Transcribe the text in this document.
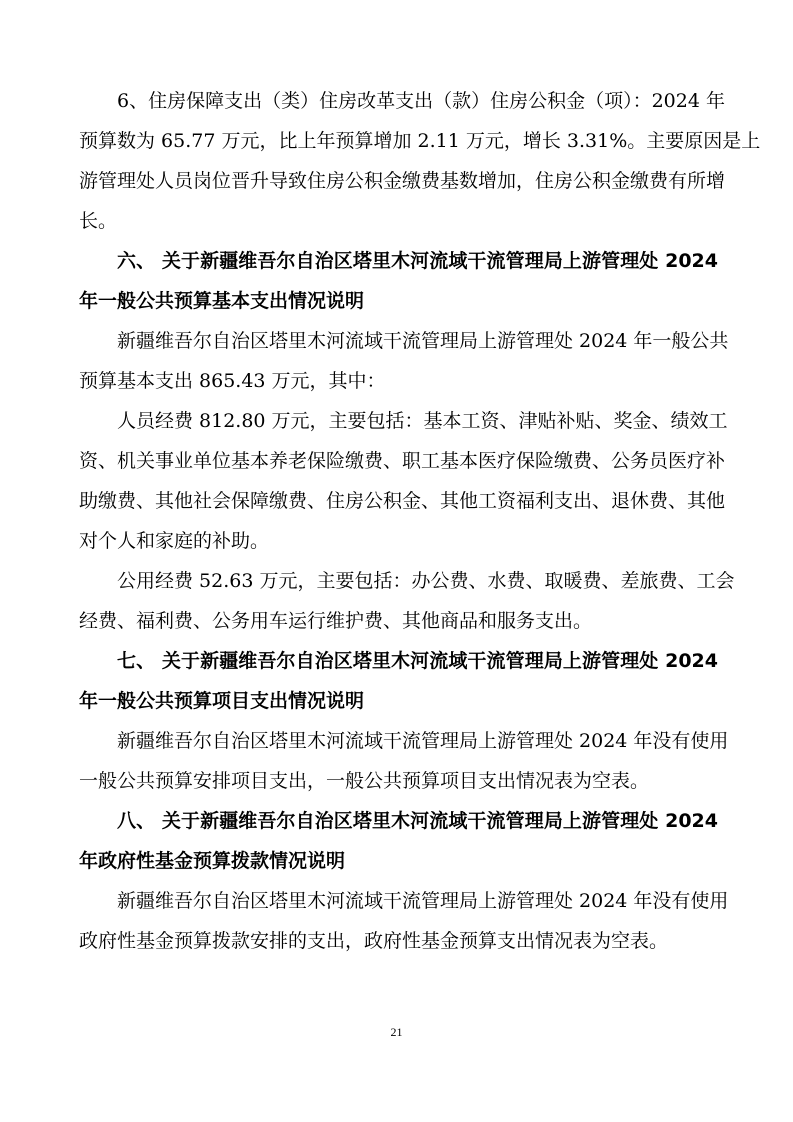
6、住房保障支出（类）住房改革支出（款）住房公积金（项）：2024 年
预算数为 65.77 万元，比上年预算增加 2.11 万元，增长 3.31%。主要原因是上
游管理处人员岗位晋升导致住房公积金缴费基数增加，住房公积金缴费有所增
长。
六、 关于新疆维吾尔自治区塔里木河流域干流管理局上游管理处 2024
年一般公共预算基本支出情况说明
新疆维吾尔自治区塔里木河流域干流管理局上游管理处 2024 年一般公共
预算基本支出 865.43 万元，其中：
人员经费 812.80 万元，主要包括：基本工资、津贴补贴、奖金、绩效工
资、机关事业单位基本养老保险缴费、职工基本医疗保险缴费、公务员医疗补
助缴费、其他社会保障缴费、住房公积金、其他工资福利支出、退休费、其他
对个人和家庭的补助。
公用经费 52.63 万元，主要包括：办公费、水费、取暖费、差旅费、工会
经费、福利费、公务用车运行维护费、其他商品和服务支出。
七、 关于新疆维吾尔自治区塔里木河流域干流管理局上游管理处 2024
年一般公共预算项目支出情况说明
新疆维吾尔自治区塔里木河流域干流管理局上游管理处 2024 年没有使用
一般公共预算安排项目支出，一般公共预算项目支出情况表为空表。
八、 关于新疆维吾尔自治区塔里木河流域干流管理局上游管理处 2024
年政府性基金预算拨款情况说明
新疆维吾尔自治区塔里木河流域干流管理局上游管理处 2024 年没有使用
政府性基金预算拨款安排的支出，政府性基金预算支出情况表为空表。
21
